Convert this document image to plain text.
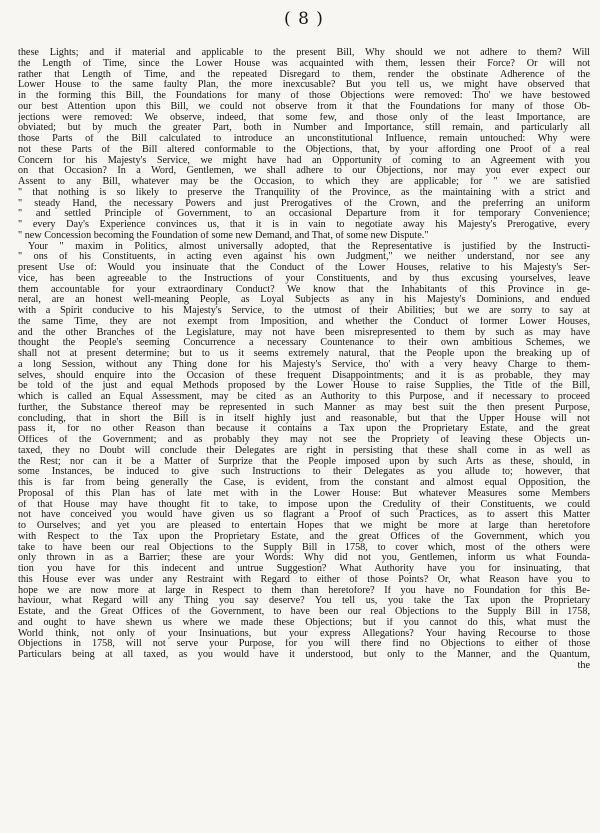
( 8 )
these Lights; and if material and applicable to the present Bill, Why should we not adhere to them? Will
the Length of Time, since the Lower House was acquainted with them, lessen their Force? Or will not
rather that Length of Time, and the repeated Disregard to them, render the obstinate Adherence of the
Lower House to the same faulty Plan, the more inexcusable? But you tell us, we might have observed that
in the forming this Bill, the Foundations for many of those Objections were removed: Tho' we have bestowed
our best Attention upon this Bill, we could not observe from it that the Foundations for many of those Ob-
jections were removed: We observe, indeed, that some few, and those only of the least Importance, are
obviated; but by much the greater Part, both in Number and Importance, still remain, and particularly all
those Parts of the Bill calculated to introduce an unconstitutional Influence, remain untouched: Why were
not these Parts of the Bill altered conformable to the Objections, that, by your affording one Proof of a real
Concern for his Majesty's Service, we might have had an Opportunity of coming to an Agreement with you
on that Occasion? In a Word, Gentlemen, we shall adhere to our Objections, nor may you ever expect our
Assent to any Bill, whatever may be the Occasion, to which they are applicable; for " we are satisfied
" that nothing is so likely to preserve the Tranquility of the Province, as the maintaining with a strict and
" steady Hand, the necessary Powers and just Prerogatives of the Crown, and the preferring an uniform
" and settled Principle of Government, to an occasional Departure from it for temporary Convenience;
" every Day's Experience convinces us, that it is in vain to negotiate away his Majesty's Prerogative, every
" new Concession becoming the Foundation of some new Demand, and That, of some new Dispute."
Your " maxim in Politics, almost universally adopted, that the Representative is justified by the Instructi-
" ons of his Constituents, in acting even against his own Judgment," we neither understand, nor see any
present Use of: Would you insinuate that the Conduct of the Lower Houses, relative to his Majesty's Ser-
vice, has been agreeable to the Instructions of your Constituents, and by thus excusing yourselves, leave
them accountable for your extraordinary Conduct? We know that the Inhabitants of this Province in ge-
neral, are an honest well-meaning People, as Loyal Subjects as any in his Majesty's Dominions, and endued
with a Spirit conducive to his Majesty's Service, to the utmost of their Abilities; but we are sorry to say at
the same Time, they are not exempt from Imposition, and whether the Conduct of former Lower Houses,
and the other Branches of the Legislature, may not have been misrepresented to them by such as may have
thought the People's seeming Concurrence a necessary Countenance to their own ambitious Schemes, we
shall not at present determine; but to us it seems extremely natural, that the People upon the breaking up of
a long Session, without any Thing done for his Majesty's Service, tho' with a very heavy Charge to them-
selves, should enquire into the Occasion of these frequent Disappointments; and it is as probable, they may
be told of the just and equal Methods proposed by the Lower House to raise Supplies, the Title of the Bill,
which is called an Equal Assessment, may be cited as an Authority to this Purpose, and if necessary to proceed
further, the Substance thereof may be represented in such Manner as may best suit the then present Purpose,
concluding, that in short the Bill is in itself highly just and reasonable, but that the Upper House will not
pass it, for no other Reason than because it contains a Tax upon the Proprietary Estate, and the great
Offices of the Government; and as probably they may not see the Propriety of leaving these Objects un-
taxed, they no Doubt will conclude their Delegates are right in persisting that these shall come in as well as
the Rest; nor can it be a Matter of Surprize that the People imposed upon by such Arts as these, should, in
some Instances, be induced to give such Instructions to their Delegates as you allude to; however, that
this is far from being generally the Case, is evident, from the constant and almost equal Opposition, the
Proposal of this Plan has of late met with in the Lower House: But whatever Measures some Members
of that House may have thought fit to take, to impose upon the Credulity of their Constituents, we could
not have conceived you would have given us so flagrant a Proof of such Practices, as to assert this Matter
to Ourselves; and yet you are pleased to entertain Hopes that we might be more at large than heretofore
with Respect to the Tax upon the Proprietary Estate, and the great Offices of the Government, which you
take to have been our real Objections to the Supply Bill in 1758, to cover which, most of the others were
only thrown in as a Barrier; these are your Words: Why did not you, Gentlemen, inform us what Founda-
tion you have for this indecent and untrue Suggestion? What Authority have you for insinuating, that
this House ever was under any Restraint with Regard to either of those Points? Or, what Reason have you to
hope we are now more at large in Respect to them than heretofore? If you have no Foundation for this Be-
haviour, what Regard will any Thing you say deserve? You tell us, you take the Tax upon the Proprietary
Estate, and the Great Offices of the Government, to have been our real Objections to the Supply Bill in 1758,
and ought to have shewn us where we made these Objections; but if you cannot do this, what must the
World think, not only of your Insinuations, but your express Allegations? Your having Recourse to those
Objections in 1758, will not serve your Purpose, for you will there find no Objections to either of those
Particulars being at all taxed, as you would have it understood, but only to the Manner, and the Quantum,
the
